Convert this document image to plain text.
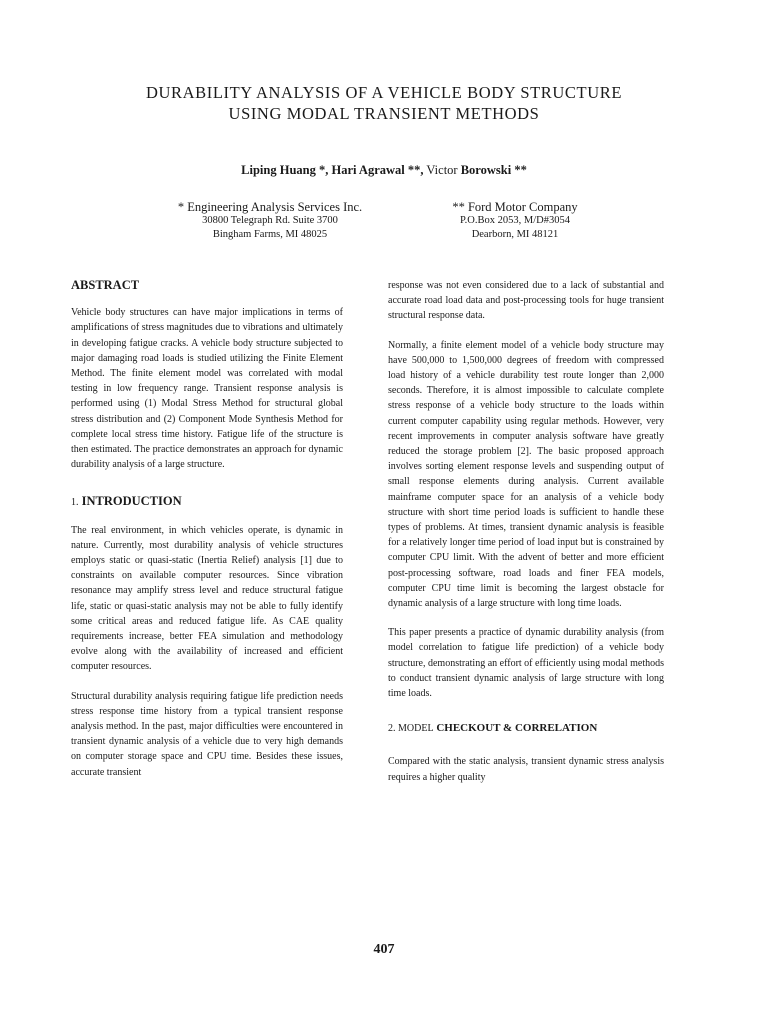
DURABILITY ANALYSIS OF A VEHICLE BODY STRUCTURE
USING MODAL TRANSIENT METHODS
Liping Huang *, Hari Agrawal **, Victor Borowski **
* Engineering Analysis Services Inc.
30800 Telegraph Rd. Suite 3700
Bingham Farms, MI 48025
** Ford Motor Company
P.O.Box 2053, M/D#3054
Dearborn, MI 48121
ABSTRACT

Vehicle body structures can have major implications in terms of amplifications of stress magnitudes due to vibrations and ultimately in developing fatigue cracks. A vehicle body structure subjected to major damaging road loads is studied utilizing the Finite Element Method. The finite element model was correlated with modal testing in low frequency range. Transient response analysis is performed using (1) Modal Stress Method for structural global stress distribution and (2) Component Mode Synthesis Method for complete local stress time history. Fatigue life of the structure is then estimated. The practice demonstrates an approach for dynamic durability analysis of a large structure.

1. INTRODUCTION

The real environment, in which vehicles operate, is dynamic in nature. Currently, most durability analysis of vehicle structures employs static or quasi-static (Inertia Relief) analysis [1] due to constraints on available computer resources. Since vibration resonance may amplify stress level and reduce structural fatigue life, static or quasi-static analysis may not be able to fully identify some critical areas and reduced fatigue life. As CAE quality requirements increase, better FEA simulation and methodology evolve along with the availability of increased and efficient computer resources.

Structural durability analysis requiring fatigue life prediction needs stress response time history from a typical transient response analysis method. In the past, major difficulties were encountered in transient dynamic analysis of a vehicle due to very high demands on computer storage space and CPU time. Besides these issues, accurate transient

response was not even considered due to a lack of substantial and accurate road load data and post-processing tools for huge transient structural response data.

Normally, a finite element model of a vehicle body structure may have 500,000 to 1,500,000 degrees of freedom with compressed load history of a vehicle durability test route longer than 2,000 seconds. Therefore, it is almost impossible to calculate complete stress response of a vehicle body structure to the loads within current computer capability using regular methods. However, very recent improvements in computer analysis software have greatly reduced the storage problem [2]. The basic proposed approach involves sorting element response levels and suspending output of small response elements during analysis. Current available mainframe computer space for an analysis of a vehicle body structure with short time period loads is sufficient to handle these types of problems. At times, transient dynamic analysis is feasible for a relatively longer time period of load input but is constrained by computer CPU limit. With the advent of better and more efficient post-processing software, road loads and finer FEA models, computer CPU time limit is becoming the largest obstacle for dynamic analysis of a large structure with long time loads.

This paper presents a practice of dynamic durability analysis (from model correlation to fatigue life prediction) of a vehicle body structure, demonstrating an effort of efficiently using modal methods to conduct transient dynamic analysis of large structure with long time loads.

2. MODEL CHECKOUT & CORRELATION

Compared with the static analysis, transient dynamic stress analysis requires a higher quality

407
